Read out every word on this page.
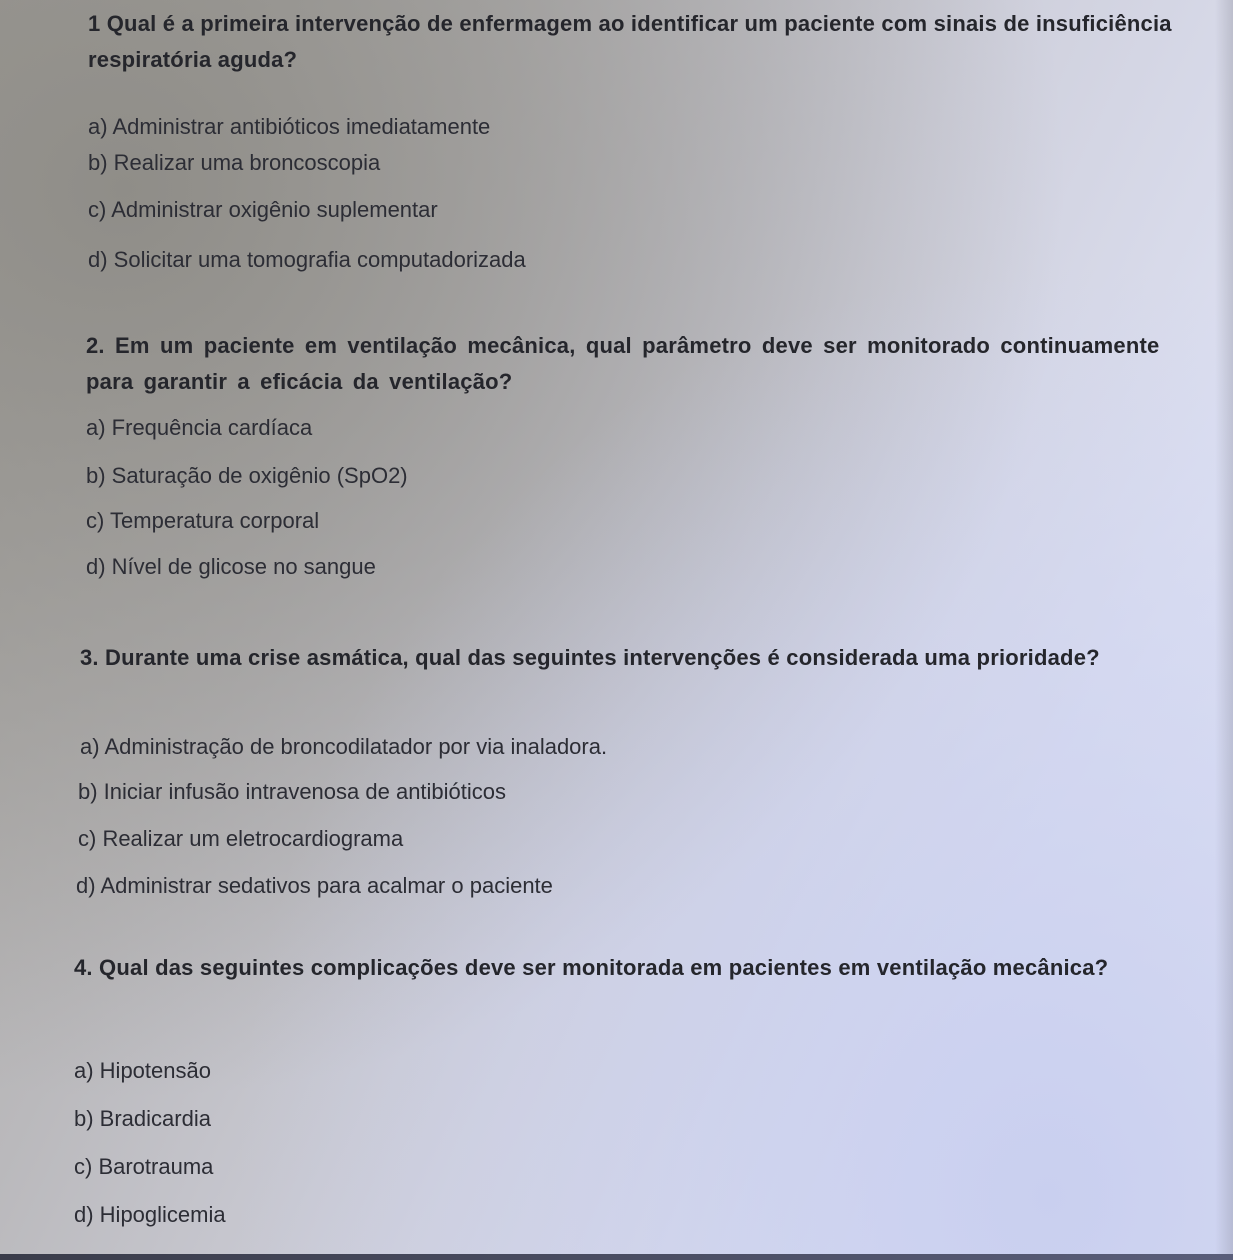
1 Qual é a primeira intervenção de enfermagem ao identificar um paciente com sinais de insuficiência respiratória aguda?
a) Administrar antibióticos imediatamente
b) Realizar uma broncoscopia
c) Administrar oxigênio suplementar
d) Solicitar uma tomografia computadorizada
2. Em um paciente em ventilação mecânica, qual parâmetro deve ser monitorado continuamente para garantir a eficácia da ventilação?
a) Frequência cardíaca
b) Saturação de oxigênio (SpO2)
c) Temperatura corporal
d) Nível de glicose no sangue
3. Durante uma crise asmática, qual das seguintes intervenções é considerada uma prioridade?
a) Administração de broncodilatador por via inaladora.
b) Iniciar infusão intravenosa de antibióticos
c) Realizar um eletrocardiograma
d) Administrar sedativos para acalmar o paciente
4. Qual das seguintes complicações deve ser monitorada em pacientes em ventilação mecânica?
a) Hipotensão
b) Bradicardia
c) Barotrauma
d) Hipoglicemia
